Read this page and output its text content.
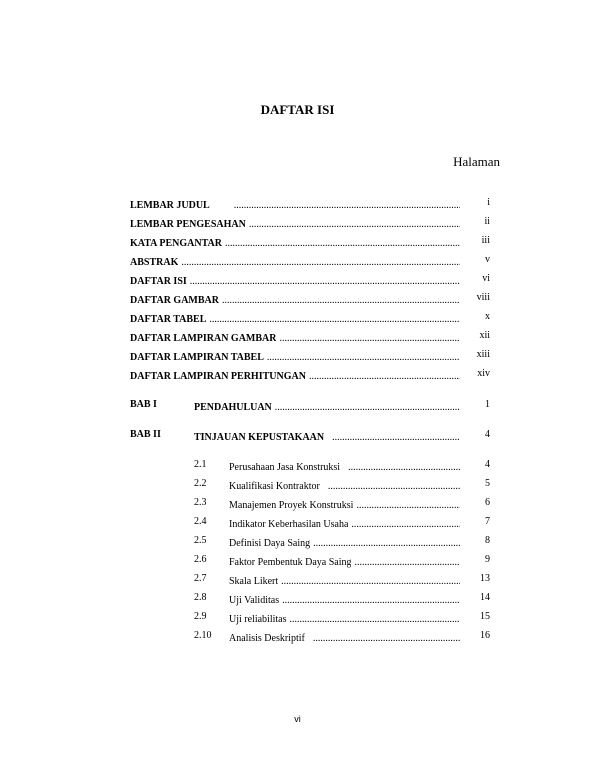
DAFTAR ISI
Halaman
LEMBAR JUDUL .....	i
LEMBAR PENGESAHAN .....	ii
KATA PENGANTAR .....	iii
ABSTRAK .....	v
DAFTAR ISI .....	vi
DAFTAR GAMBAR .....	viii
DAFTAR TABEL .....	x
DAFTAR LAMPIRAN GAMBAR .....	xii
DAFTAR LAMPIRAN TABEL .....	xiii
DAFTAR LAMPIRAN PERHITUNGAN .....	xiv
BAB I	PENDAHULUAN .....	1
BAB II	TINJAUAN KEPUSTAKAAN .....	4
2.1 Perusahaan Jasa Konstruksi .....	4
2.2 Kualifikasi Kontraktor .....	5
2.3 Manajemen Proyek Konstruksi .....	6
2.4 Indikator Keberhasilan Usaha .....	7
2.5 Definisi Daya Saing .....	8
2.6 Faktor Pembentuk Daya Saing .....	9
2.7 Skala Likert .....	13
2.8 Uji Validitas .....	14
2.9 Uji reliabilitas .....	15
2.10 Analisis Deskriptif .....	16
vi
